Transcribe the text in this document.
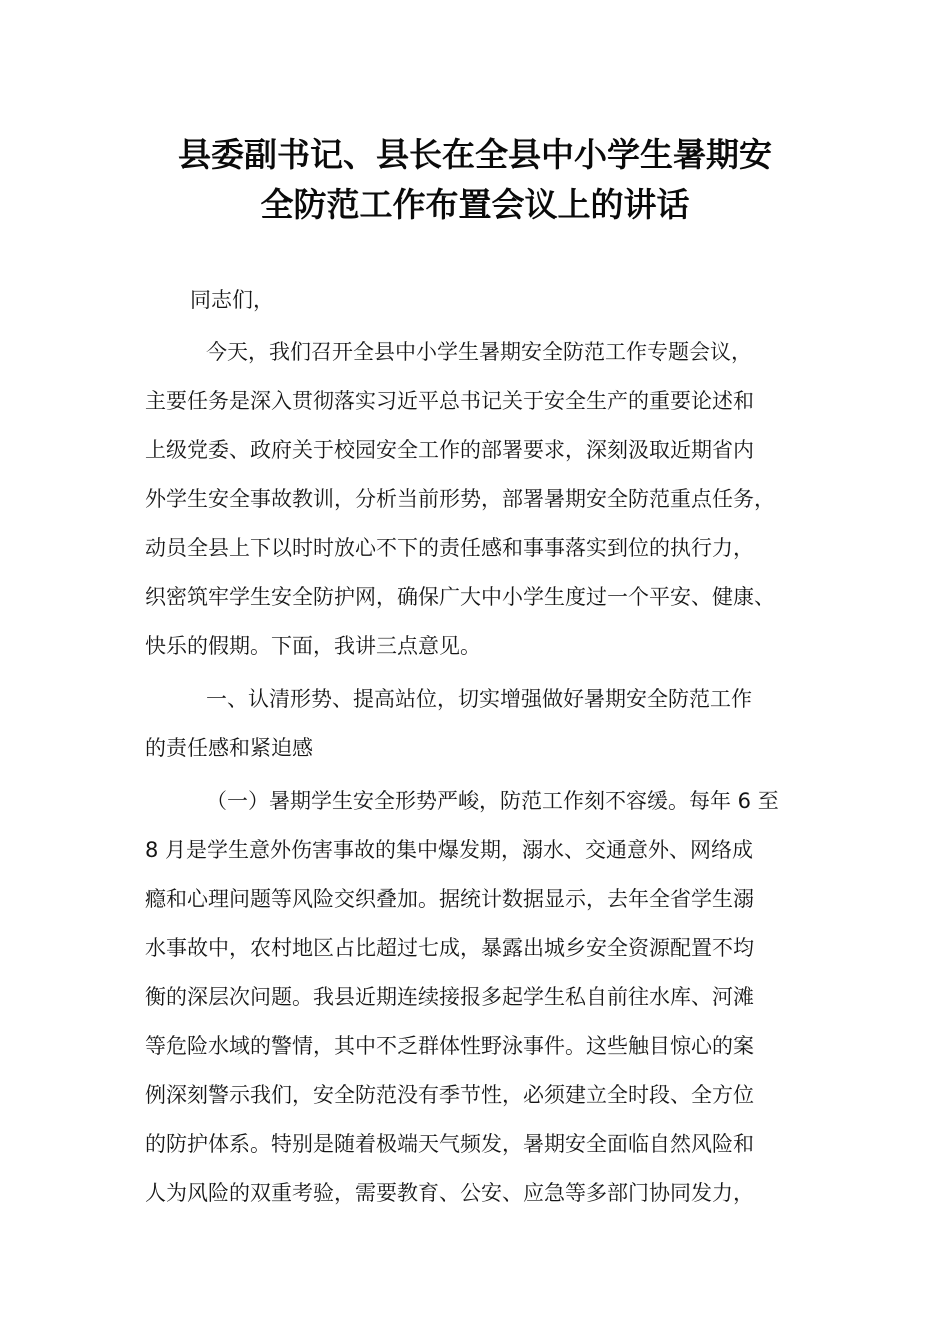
县委副书记、县长在全县中小学生暑期安
全防范工作布置会议上的讲话
同志们，
今天，我们召开全县中小学生暑期安全防范工作专题会议，
主要任务是深入贯彻落实习近平总书记关于安全生产的重要论述和
上级党委、政府关于校园安全工作的部署要求，深刻汲取近期省内
外学生安全事故教训，分析当前形势，部署暑期安全防范重点任务，
动员全县上下以时时放心不下的责任感和事事落实到位的执行力，
织密筑牢学生安全防护网，确保广大中小学生度过一个平安、健康、
快乐的假期。下面，我讲三点意见。
一、认清形势、提高站位，切实增强做好暑期安全防范工作
的责任感和紧迫感
（一）暑期学生安全形势严峻，防范工作刻不容缓。每年 6 至
8 月是学生意外伤害事故的集中爆发期，溺水、交通意外、网络成
瘾和心理问题等风险交织叠加。据统计数据显示，去年全省学生溺
水事故中，农村地区占比超过七成，暴露出城乡安全资源配置不均
衡的深层次问题。我县近期连续接报多起学生私自前往水库、河滩
等危险水域的警情，其中不乏群体性野泳事件。这些触目惊心的案
例深刻警示我们，安全防范没有季节性，必须建立全时段、全方位
的防护体系。特别是随着极端天气频发，暑期安全面临自然风险和
人为风险的双重考验，需要教育、公安、应急等多部门协同发力，
